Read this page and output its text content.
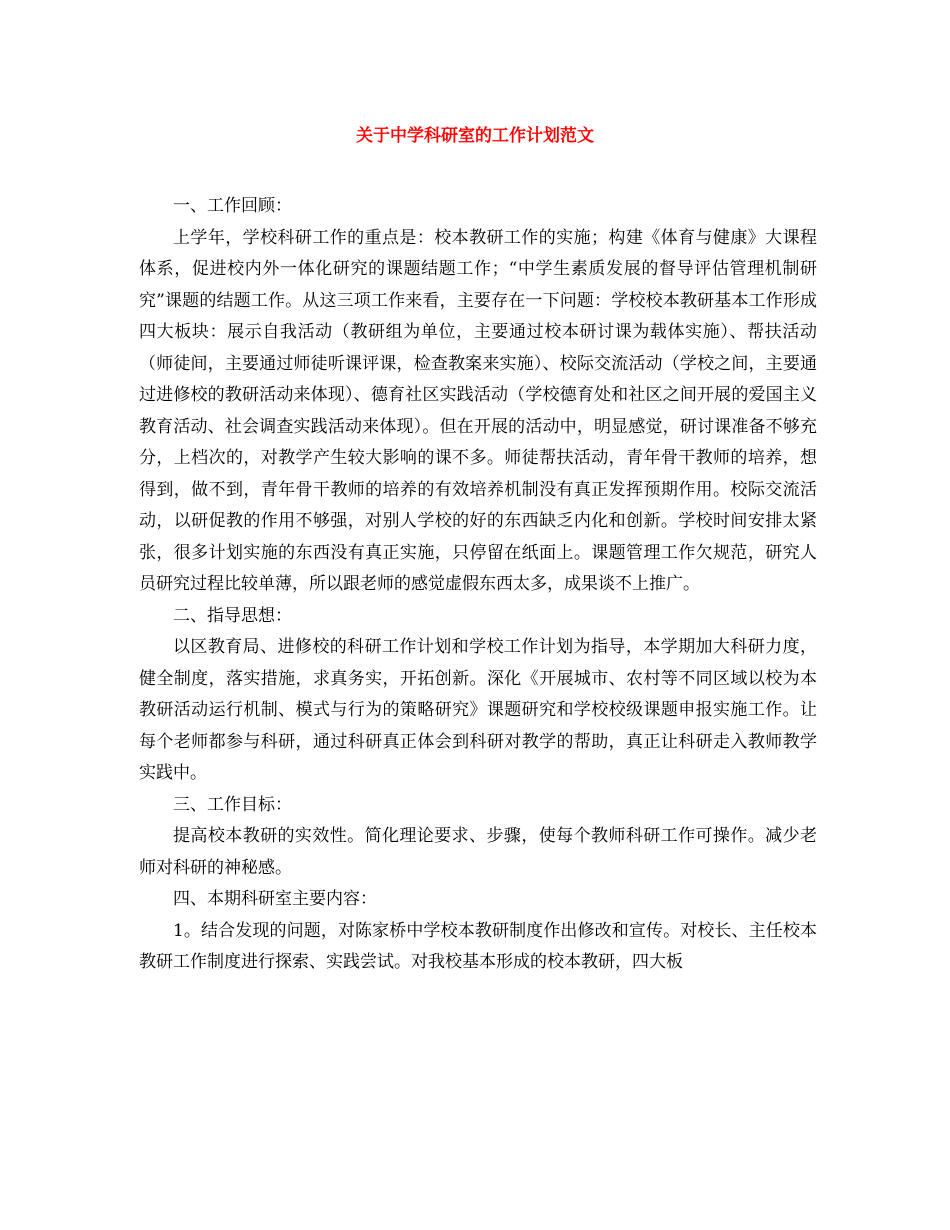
关于中学科研室的工作计划范文

一、工作回顾：

上学年，学校科研工作的重点是：校本教研工作的实施；构建《体育与健康》大课程体系，促进校内外一体化研究的课题结题工作；“中学生素质发展的督导评估管理机制研究”课题的结题工作。从这三项工作来看，主要存在一下问题：学校校本教研基本工作形成四大板块：展示自我活动（教研组为单位，主要通过校本研讨课为载体实施）、帮扶活动（师徒间，主要通过师徒听课评课，检查教案来实施）、校际交流活动（学校之间，主要通过进修校的教研活动来体现）、德育社区实践活动（学校德育处和社区之间开展的爱国主义教育活动、社会调查实践活动来体现）。但在开展的活动中，明显感觉，研讨课准备不够充分，上档次的，对教学产生较大影响的课不多。师徒帮扶活动，青年骨干教师的培养，想得到，做不到，青年骨干教师的培养的有效培养机制没有真正发挥预期作用。校际交流活动，以研促教的作用不够强，对别人学校的好的东西缺乏内化和创新。学校时间安排太紧张，很多计划实施的东西没有真正实施，只停留在纸面上。课题管理工作欠规范，研究人员研究过程比较单薄，所以跟老师的感觉虚假东西太多，成果谈不上推广。

二、指导思想：

以区教育局、进修校的科研工作计划和学校工作计划为指导，本学期加大科研力度，健全制度，落实措施，求真务实，开拓创新。深化《开展城市、农村等不同区域以校为本教研活动运行机制、模式与行为的策略研究》课题研究和学校校级课题申报实施工作。让每个老师都参与科研，通过科研真正体会到科研对教学的帮助，真正让科研走入教师教学实践中。

三、工作目标：

提高校本教研的实效性。简化理论要求、步骤，使每个教师科研工作可操作。减少老师对科研的神秘感。

四、本期科研室主要内容：

1。结合发现的问题，对陈家桥中学校本教研制度作出修改和宣传。对校长、主任校本教研工作制度进行探索、实践尝试。对我校基本形成的校本教研，四大板
